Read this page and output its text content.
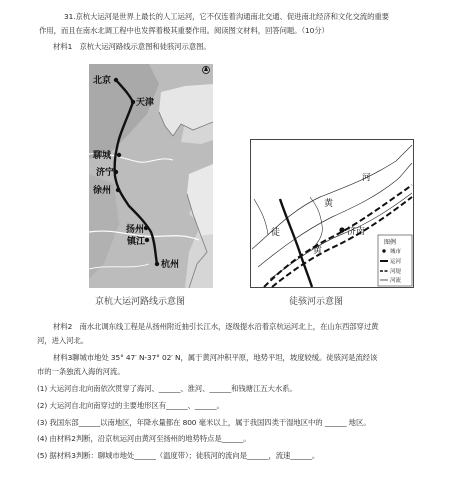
31.京杭大运河是世界上最长的人工运河，它不仅连着沟通南北交通、促进南北经济和文化交流的重要
作用，而且在南水北调工程中也发挥着极其重要作用。阅读图文材料，回答问题。（10分）
材料1　京杭大运河路线示意图和徒骇河示意图。
北京
天津
聊城
济宁
徐州
扬州
镇江
杭州
河
黄
徒	济南
黄
图例
城市
运河
河堤
河流
京杭大运河路线示意图	徒骇河示意图
材料2　南水北调东线工程是从扬州附近抽引长江水，逐级提水沿着京杭运河北上，在山东西部穿过黄
河，进入河北。
材料3聊城市地处 35° 47′ N-37° 02′ N，属于黄河冲积平原，地势平坦，坡度较缓。徒骇河是流经该
市的一条独流入海的河流。
(1) 大运河自北向南依次贯穿了海河、______、淮河、______和钱塘江五大水系。
(2) 大运河自北向南穿过的主要地形区有______、______。
(3) 我国东部______以南地区，年降水量都在 800 毫米以上，属于我国四类干湿地区中的 ______ 地区。
(4) 由材料2判断，沿京杭运河由黄河至扬州的地势特点是______。
(5) 据材料3判断：聊城市地处______（温度带）；徒骇河的流向是______，流速______。
